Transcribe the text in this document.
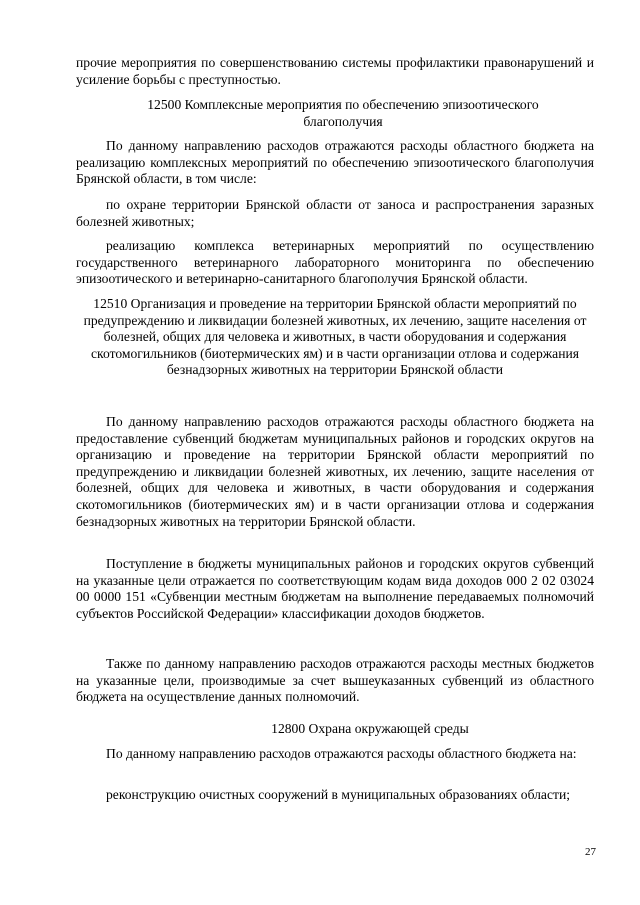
прочие мероприятия по совершенствованию системы профилактики правонарушений и усиление борьбы с преступностью.

12500 Комплексные мероприятия по обеспечению эпизоотического благополучия

По данному направлению расходов отражаются расходы областного бюджета на реализацию комплексных мероприятий по обеспечению эпизоотического благополучия Брянской области, в том числе:

по охране территории Брянской области от заноса и распространения заразных болезней животных;

реализацию комплекса ветеринарных мероприятий по осуществлению государственного ветеринарного лабораторного мониторинга по обеспечению эпизоотического и ветеринарно-санитарного благополучия Брянской области.

12510 Организация и проведение на территории Брянской области мероприятий по предупреждению и ликвидации болезней животных, их лечению, защите населения от болезней, общих для человека и животных, в части оборудования и содержания скотомогильников (биотермических ям) и в части организации отлова и содержания безнадзорных животных на территории Брянской области

По данному направлению расходов отражаются расходы областного бюджета на предоставление субвенций бюджетам муниципальных районов и городских округов на организацию и проведение на территории Брянской области мероприятий по предупреждению и ликвидации болезней животных, их лечению, защите населения от болезней, общих для человека и животных, в части оборудования и содержания скотомогильников (биотермических ям) и в части организации отлова и содержания безнадзорных животных на территории Брянской области.

Поступление в бюджеты муниципальных районов и городских округов субвенций на указанные цели отражается по соответствующим кодам вида доходов 000 2 02 03024 00 0000 151 «Субвенции местным бюджетам на выполнение передаваемых полномочий субъектов Российской Федерации» классификации доходов бюджетов.

Также по данному направлению расходов отражаются расходы местных бюджетов на указанные цели, производимые за счет вышеуказанных субвенций из областного бюджета на осуществление данных полномочий.

12800 Охрана окружающей среды

По данному направлению расходов отражаются расходы областного бюджета на:

реконструкцию очистных сооружений в муниципальных образованиях области;

27
